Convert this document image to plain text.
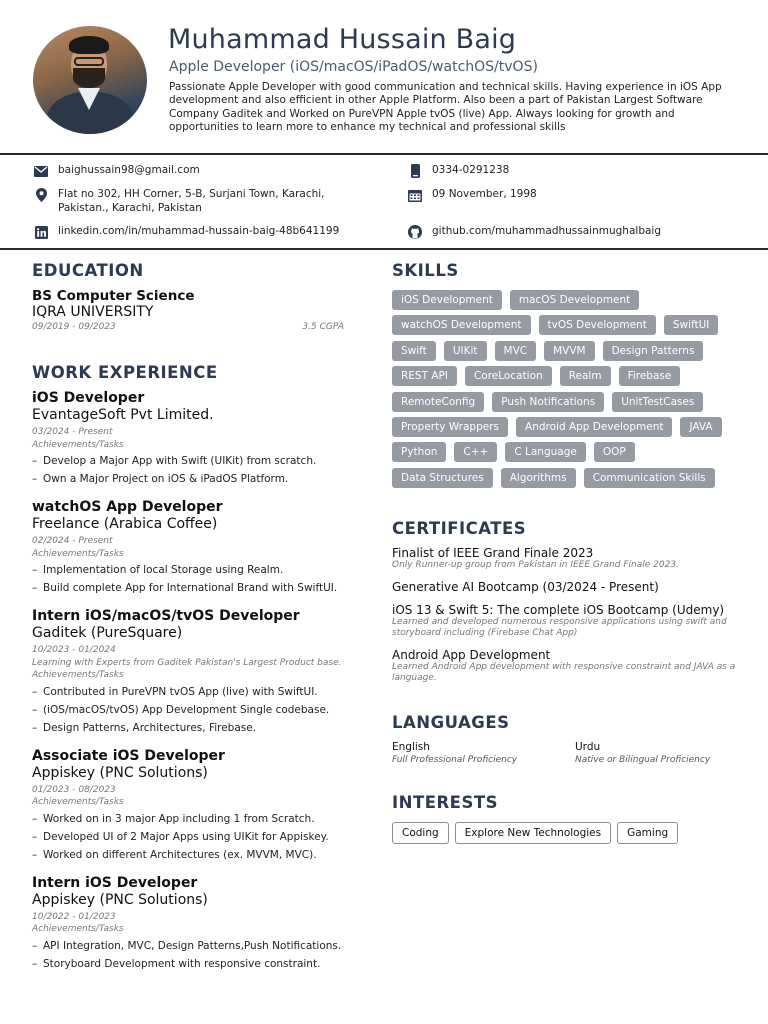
Muhammad Hussain Baig
Apple Developer (iOS/macOS/iPadOS/watchOS/tvOS)
Passionate Apple Developer with good communication and technical skills. Having experience in iOS App development and also efficient in other Apple Platform. Also been a part of Pakistan Largest Software Company Gaditek and Worked on PureVPN Apple tvOS (live) App. Always looking for growth and opportunities to learn more to enhance my technical and professional skills
baighussain98@gmail.com	0334-0291238
Flat no 302, HH Corner, 5-B, Surjani Town, Karachi, Pakistan., Karachi, Pakistan
09 November, 1998
linkedin.com/in/muhammad-hussain-baig-48b641199	github.com/muhammadhussainmughalbaig
EDUCATION
BS Computer Science
IQRA UNIVERSITY
09/2019 - 09/2023	3.5 CGPA
WORK EXPERIENCE
iOS Developer
EvantageSoft Pvt Limited.
03/2024 - Present
Achievements/Tasks
– Develop a Major App with Swift (UIKit) from scratch.
– Own a Major Project on iOS & iPadOS Platform.
watchOS App Developer
Freelance (Arabica Coffee)
02/2024 - Present
Achievements/Tasks
– Implementation of local Storage using Realm.
– Build complete App for International Brand with SwiftUI.
Intern iOS/macOS/tvOS Developer
Gaditek (PureSquare)
10/2023 - 01/2024
Learning with Experts from Gaditek Pakistan's Largest Product base.
Achievements/Tasks
– Contributed in PureVPN tvOS App (live) with SwiftUI.
– (iOS/macOS/tvOS) App Development Single codebase.
– Design Patterns, Architectures, Firebase.
Associate iOS Developer
Appiskey (PNC Solutions)
01/2023 - 08/2023
Achievements/Tasks
– Worked on in 3 major App including 1 from Scratch.
– Developed UI of 2 Major Apps using UIKit for Appiskey.
– Worked on different Architectures (ex. MVVM, MVC).
Intern iOS Developer
Appiskey (PNC Solutions)
10/2022 - 01/2023
Achievements/Tasks
– API Integration, MVC, Design Patterns,Push Notifications.
– Storyboard Development with responsive constraint.
SKILLS
iOS Development	macOS Development
watchOS Development	tvOS Development	SwiftUI
Swift	UIKit	MVC	MVVM	Design Patterns
REST API	CoreLocation	Realm	Firebase
RemoteConfig	Push Notifications	UnitTestCases
Property Wrappers	Android App Development	JAVA
Python	C++	C Language	OOP
Data Structures	Algorithms	Communication Skills
CERTIFICATES
Finalist of IEEE Grand Finale 2023
Only Runner-up group from Pakistan in IEEE Grand Finale 2023.
Generative AI Bootcamp (03/2024 - Present)
iOS 13 & Swift 5: The complete iOS Bootcamp (Udemy)
Learned and developed numerous responsive applications using swift and storyboard including (Firebase Chat App)
Android App Development
Learned Android App development with responsive constraint and JAVA as a language.
LANGUAGES
English
Full Professional Proficiency
Urdu
Native or Bilingual Proficiency
INTERESTS
Coding	Explore New Technologies	Gaming
